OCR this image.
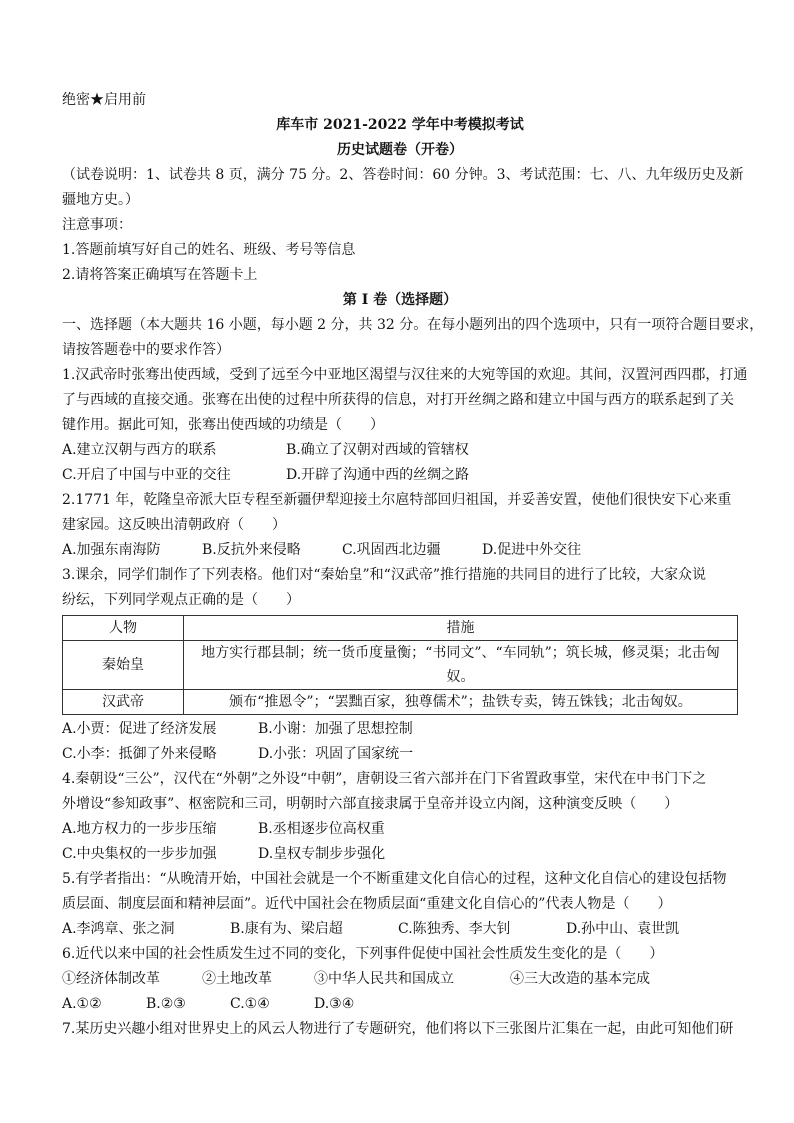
绝密★启用前
库车市 2021-2022 学年中考模拟考试
历史试题卷（开卷）
（试卷说明：1、试卷共 8 页，满分 75 分。2、答卷时间：60 分钟。3、考试范围：七、八、九年级历史及新
疆地方史。）
注意事项：
1.答题前填写好自己的姓名、班级、考号等信息
2.请将答案正确填写在答题卡上
第 I 卷（选择题）
一、选择题（本大题共 16 小题，每小题 2 分，共 32 分。在每小题列出的四个选项中，只有一项符合题目要求，
请按答题卷中的要求作答）
1.汉武帝时张骞出使西域，受到了远至今中亚地区渴望与汉往来的大宛等国的欢迎。其间，汉置河西四郡，打通
了与西域的直接交通。张骞在出使的过程中所获得的信息，对打开丝绸之路和建立中国与西方的联系起到了关
键作用。据此可知，张骞出使西域的功绩是（　　）
A.建立汉朝与西方的联系	B.确立了汉朝对西域的管辖权
C.开启了中国与中亚的交往	D.开辟了沟通中西的丝绸之路
2.1771 年，乾隆皇帝派大臣专程至新疆伊犁迎接土尔扈特部回归祖国，并妥善安置，使他们很快安下心来重
建家园。这反映出清朝政府（　　）
A.加强东南海防	B.反抗外来侵略	C.巩固西北边疆	D.促进中外交往
3.课余，同学们制作了下列表格。他们对“秦始皇”和“汉武帝”推行措施的共同目的进行了比较，大家众说
纷纭，下列同学观点正确的是（　　）
人物	措施
秦始皇	地方实行郡县制；统一货币度量衡；“书同文”、“车同轨”；筑长城，修灵渠；北击匈奴。
汉武帝	颁布“推恩令”；“罢黜百家，独尊儒术”；盐铁专卖，铸五铢钱；北击匈奴。
A.小贾：促进了经济发展	B.小谢：加强了思想控制
C.小李：抵御了外来侵略	D.小张：巩固了国家统一
4.秦朝设“三公”，汉代在“外朝”之外设“中朝”，唐朝设三省六部并在门下省置政事堂，宋代在中书门下之
外增设“参知政事”、枢密院和三司，明朝时六部直接隶属于皇帝并设立内阁，这种演变反映（　　）
A.地方权力的一步步压缩	B.丞相逐步位高权重
C.中央集权的一步步加强	D.皇权专制步步强化
5.有学者指出：“从晚清开始，中国社会就是一个不断重建文化自信心的过程，这种文化自信心的建设包括物
质层面、制度层面和精神层面”。近代中国社会在物质层面“重建文化自信心的”代表人物是（　　）
A.李鸿章、张之洞	B.康有为、梁启超	C.陈独秀、李大钊	D.孙中山、袁世凯
6.近代以来中国的社会性质发生过不同的变化，下列事件促使中国社会性质发生变化的是（　　）
①经济体制改革	②土地改革	③中华人民共和国成立	④三大改造的基本完成
A.①②	B.②③	C.①④	D.③④
7.某历史兴趣小组对世界史上的风云人物进行了专题研究，他们将以下三张图片汇集在一起，由此可知他们研
